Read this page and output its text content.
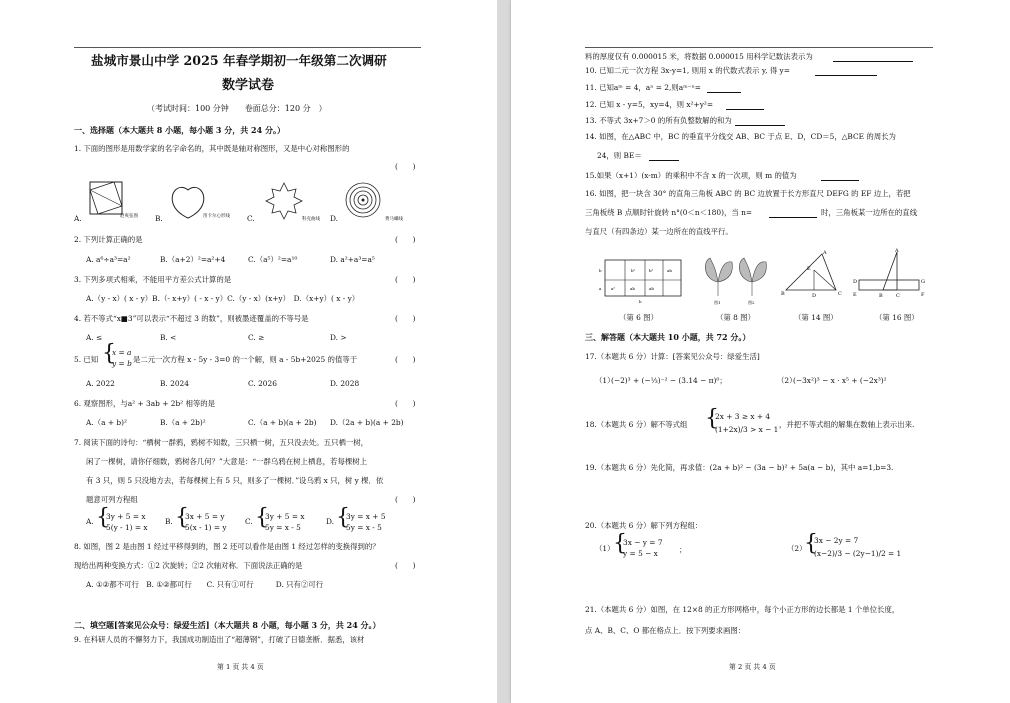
盐城市景山中学 2025 年春学期初一年级第二次调研
数学试卷
（考试时间：100 分钟　　卷面总分：120 分　）
一、选择题（本大题共 8 小题，每小题 3 分，共 24 分。）
1. 下面的图形是用数学家的名字命名的，其中既是轴对称图形，又是中心对称图形的
(　　)
A.	赵爽弦图 B.	笛卡尔心形线 C.	科克曲线 D.	费马螺线
2. 下列计算正确的是	(　　)
A. a⁶÷a³=a²	B.（a+2）²=a²+4	C.（a⁵）²=a¹⁰	D. a²+a³=a⁵
3. 下列多项式相乘，不能用平方差公式计算的是	(　　)
A.（y - x）( x - y）B.（- x+y）( - x - y）C.（y - x）(x+y）　D.（x+y）( x - y）
4. 若不等式“x■3”可以表示“不超过 3 的数”，则被墨迹覆盖的不等号是	(　　)
A. ≤	B. <	C. ≥	D. >
5. 已知 {
x = a
y = b 是二元一次方程 x - 5y - 3=0 的一个解，则 a - 5b+2025 的值等于	(　　)
A. 2022	B. 2024	C. 2026	D. 2028
6. 观察图形，与a² + 3ab + 2b² 相等的是	(　　)
A.（a + b)²	B.（a + 2b)²	C.（a + b)(a + 2b) D.（2a + b)(a + 2b)
7. 阅读下面的诗句：“栖树一群鸦，鸦树不知数，三只栖一树，五只没去处。五只栖一树，
闲了一棵树，请你仔细数，鸦树各几何？”大意是：“一群乌鸦在树上栖息，若每棵树上
有 3 只，则 5 只没地方去，若每棵树上有 5 只，则多了一棵树．”设乌鸦 x 只，树 y 棵．依
题意可列方程组	(　　)
A. {
3y + 5 = x
5(y - 1) = x
B. {
3x + 5 = y
5(x - 1) = y
C. {
3y + 5 = x
5y = x - 5
D. {
3y = x + 5
5y = x - 5
8. 如图，图 2 是由图 1 经过平移得到的，图 2 还可以看作是由图 1 经过怎样的变换得到的？
现给出两种变换方式：①2 次旋转；②2 次轴对称．下面说法正确的是	(　　)
A. ①②都不可行　B. ①②都可行　　C. 只有①可行　　　D. 只有②可行
二、填空题[答案见公众号：绿爱生活]（本大题共 8 小题，每小题 3 分，共 24 分。）
9. 在科研人员的不懈努力下，我国成功制造出了“超薄钢”，打破了日德垄断．据悉，该材
第 1 页 共 4 页
料的厚度仅有 0.000015 米，将数据 0.000015 用科学记数法表示为
10. 已知二元一次方程 3x-y=1, 则用 x 的代数式表示 y, 得 y=
11. 已知aᵐ = 4，aⁿ = 2,则aᵐ⁻ⁿ=
12. 已知 x - y=5，xy=4，则 x²+y²=
13. 不等式 3x+7＞0 的所有负整数解的和为
14. 如图，在△ABC 中，BC 的垂直平分线交 AB、BC 于点 E、D，CD＝5，△BCE 的周长为
24，则 BE＝
15.如果（x+1）(x-m）的乘积中不含 x 的一次项，则 m 的值为
16. 如图，把一块含 30° 的直角三角板 ABC 的 BC 边放置于长方形直尺 DEFG 的 EF 边上，若把
三角板绕 B 点顺时针旋转 n°(0＜n＜180)，当 n=	时，三角板某一边所在的直线
与直尺（有四条边）某一边所在的直线平行。
b²	b²
ab	ab
a²
ab
b
a
b
（第 6 图）
图1	图2
（第 8 图）
A
E
B	D	C
（第 14 图）
A
D	G
E	B	C	F
（第 16 图）
三、解答题（本大题共 10 小题，共 72 分。）
17.（本题共 6 分）计算：[答案见公众号：绿爱生活]
（1）
(−2)³ + (−⅓)⁻² − (3.14 − π)⁰；	（2）
(−3x²)³ − x · x⁵ + (−2x³)²
18.（本题共 6 分）解不等式组 {
2x + 3 ≥ x + 4
(1+2x)/3 > x − 1
，并把不等式组的解集在数轴上表示出来.
19.（本题共 6 分）先化简，再求值：(2a + b)² − (3a − b)² + 5a(a − b)，其中 a=1,b=3.
20.（本题共 6 分）解下列方程组：
（1）
{
3x − y = 7
y = 5 − x	；	（2）
{
3x − 2y = 7
(x−2)/3 − (2y−1)/2 = 1
21.（本题共 6 分）如图，在 12×8 的正方形网格中，每个小正方形的边长都是 1 个单位长度，
点 A、B、C、O 都在格点上．按下列要求画图：
第 2 页 共 4 页
